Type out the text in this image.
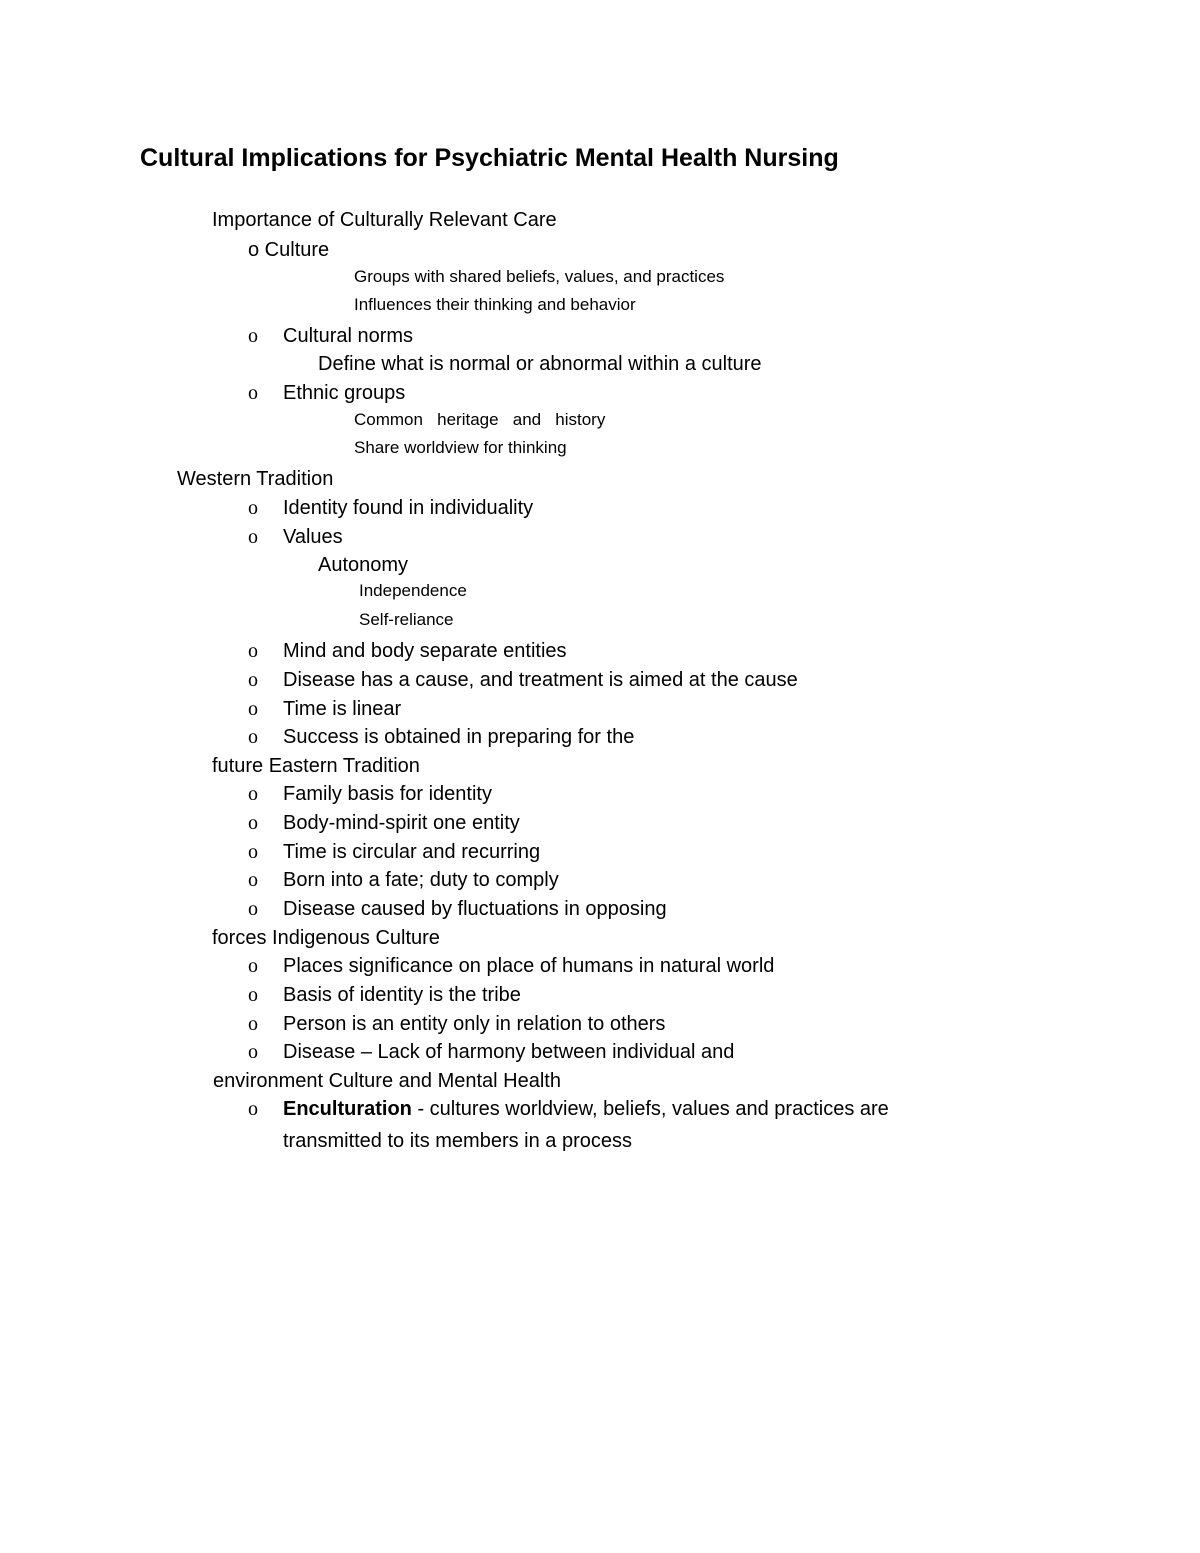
Cultural Implications for Psychiatric Mental Health Nursing
Importance of Culturally Relevant Care
o Culture
Groups with shared beliefs, values, and practices
Influences their thinking and behavior
o Cultural norms
Define what is normal or abnormal within a culture
o Ethnic groups
Common   heritage   and   history
Share worldview for thinking
Western Tradition
o Identity found in individuality
o Values
Autonomy
Independence
Self-reliance
o Mind and body separate entities
o Disease has a cause, and treatment is aimed at the cause
o Time is linear
o Success is obtained in preparing for the
future Eastern Tradition
o Family basis for identity
o Body-mind-spirit one entity
o Time is circular and recurring
o Born into a fate; duty to comply
o Disease caused by fluctuations in opposing
forces Indigenous Culture
o Places significance on place of humans in natural world
o Basis of identity is the tribe
o Person is an entity only in relation to others
o Disease – Lack of harmony between individual and
environment Culture and Mental Health
o Enculturation - cultures worldview, beliefs, values and practices are
transmitted to its members in a process
